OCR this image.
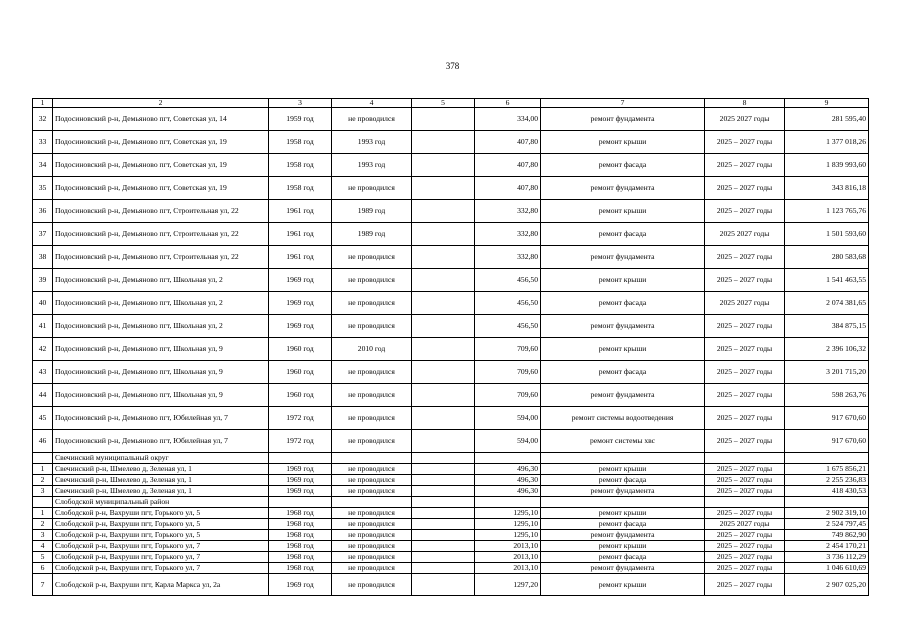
378
1	2	3	4	5	6	7	8	9
32	Подосиновский р-н, Демьяново пгт, Советская ул, 14	1959 год	не проводился		334,00	ремонт фундамента	2025 2027 годы	281 595,40
33	Подосиновский р-н, Демьяново пгт, Советская ул, 19	1958 год	1993 год		407,80	ремонт крыши	2025 – 2027 годы	1 377 018,26
34	Подосиновский р-н, Демьяново пгт, Советская ул, 19	1958 год	1993 год		407,80	ремонт фасада	2025 – 2027 годы	1 839 993,60
35	Подосиновский р-н, Демьяново пгт, Советская ул, 19	1958 год	не проводился		407,80	ремонт фундамента	2025 – 2027 годы	343 816,18
36	Подосиновский р-н, Демьяново пгт, Строительная ул, 22	1961 год	1989 год		332,80	ремонт крыши	2025 – 2027 годы	1 123 765,76
37	Подосиновский р-н, Демьяново пгт, Строительная ул, 22	1961 год	1989 год		332,80	ремонт фасада	2025 2027 годы	1 501 593,60
38	Подосиновский р-н, Демьяново пгт, Строительная ул, 22	1961 год	не проводился		332,80	ремонт фундамента	2025 – 2027 годы	280 583,68
39	Подосиновский р-н, Демьяново пгт, Школьная ул, 2	1969 год	не проводился		456,50	ремонт крыши	2025 – 2027 годы	1 541 463,55
40	Подосиновский р-н, Демьяново пгт, Школьная ул, 2	1969 год	не проводился		456,50	ремонт фасада	2025 2027 годы	2 074 381,65
41	Подосиновский р-н, Демьяново пгт, Школьная ул, 2	1969 год	не проводился		456,50	ремонт фундамента	2025 – 2027 годы	384 875,15
42	Подосиновский р-н, Демьяново пгт, Школьная ул, 9	1960 год	2010 год		709,60	ремонт крыши	2025 – 2027 годы	2 396 106,32
43	Подосиновский р-н, Демьяново пгт, Школьная ул, 9	1960 год	не проводился		709,60	ремонт фасада	2025 – 2027 годы	3 201 715,20
44	Подосиновский р-н, Демьяново пгт, Школьная ул, 9	1960 год	не проводился		709,60	ремонт фундамента	2025 – 2027 годы	598 263,76
45	Подосиновский р-н, Демьяново пгт, Юбилейная ул, 7	1972 год	не проводился		594,00	ремонт системы водоотведения	2025 – 2027 годы	917 670,60
46	Подосиновский р-н, Демьяново пгт, Юбилейная ул, 7	1972 год	не проводился		594,00	ремонт системы хвс	2025 – 2027 годы	917 670,60
	Свечинский муниципальный округ							
1	Свечинский р-н, Шмелево д, Зеленая ул, 1	1969 год	не проводился		496,30	ремонт крыши	2025 – 2027 годы	1 675 856,21
2	Свечинский р-н, Шмелево д, Зеленая ул, 1	1969 год	не проводился		496,30	ремонт фасада	2025 – 2027 годы	2 255 236,83
3	Свечинский р-н, Шмелево д, Зеленая ул, 1	1969 год	не проводился		496,30	ремонт фундамента	2025 – 2027 годы	418 430,53
	Слободской муниципальный район							
1	Слободской р-н, Вахруши пгт, Горького ул, 5	1968 год	не проводился		1295,10	ремонт крыши	2025 – 2027 годы	2 902 319,10
2	Слободской р-н, Вахруши пгт, Горького ул, 5	1968 год	не проводился		1295,10	ремонт фасада	2025 2027 годы	2 524 797,45
3	Слободской р-н, Вахруши пгт, Горького ул, 5	1968 год	не проводился		1295,10	ремонт фундамента	2025 – 2027 годы	749 862,90
4	Слободской р-н, Вахруши пгт, Горького ул, 7	1968 год	не проводился		2013,10	ремонт крыши	2025 – 2027 годы	2 454 170,21
5	Слободской р-н, Вахруши пгт, Горького ул, 7	1968 год	не проводился		2013,10	ремонт фасада	2025 – 2027 годы	3 736 112,29
6	Слободской р-н, Вахруши пгт, Горького ул, 7	1968 год	не проводился		2013,10	ремонт фундамента	2025 – 2027 годы	1 046 610,69
7	Слободской р-н, Вахруши пгт, Карла Маркса ул, 2а	1969 год	не проводился		1297,20	ремонт крыши	2025 – 2027 годы	2 907 025,20
